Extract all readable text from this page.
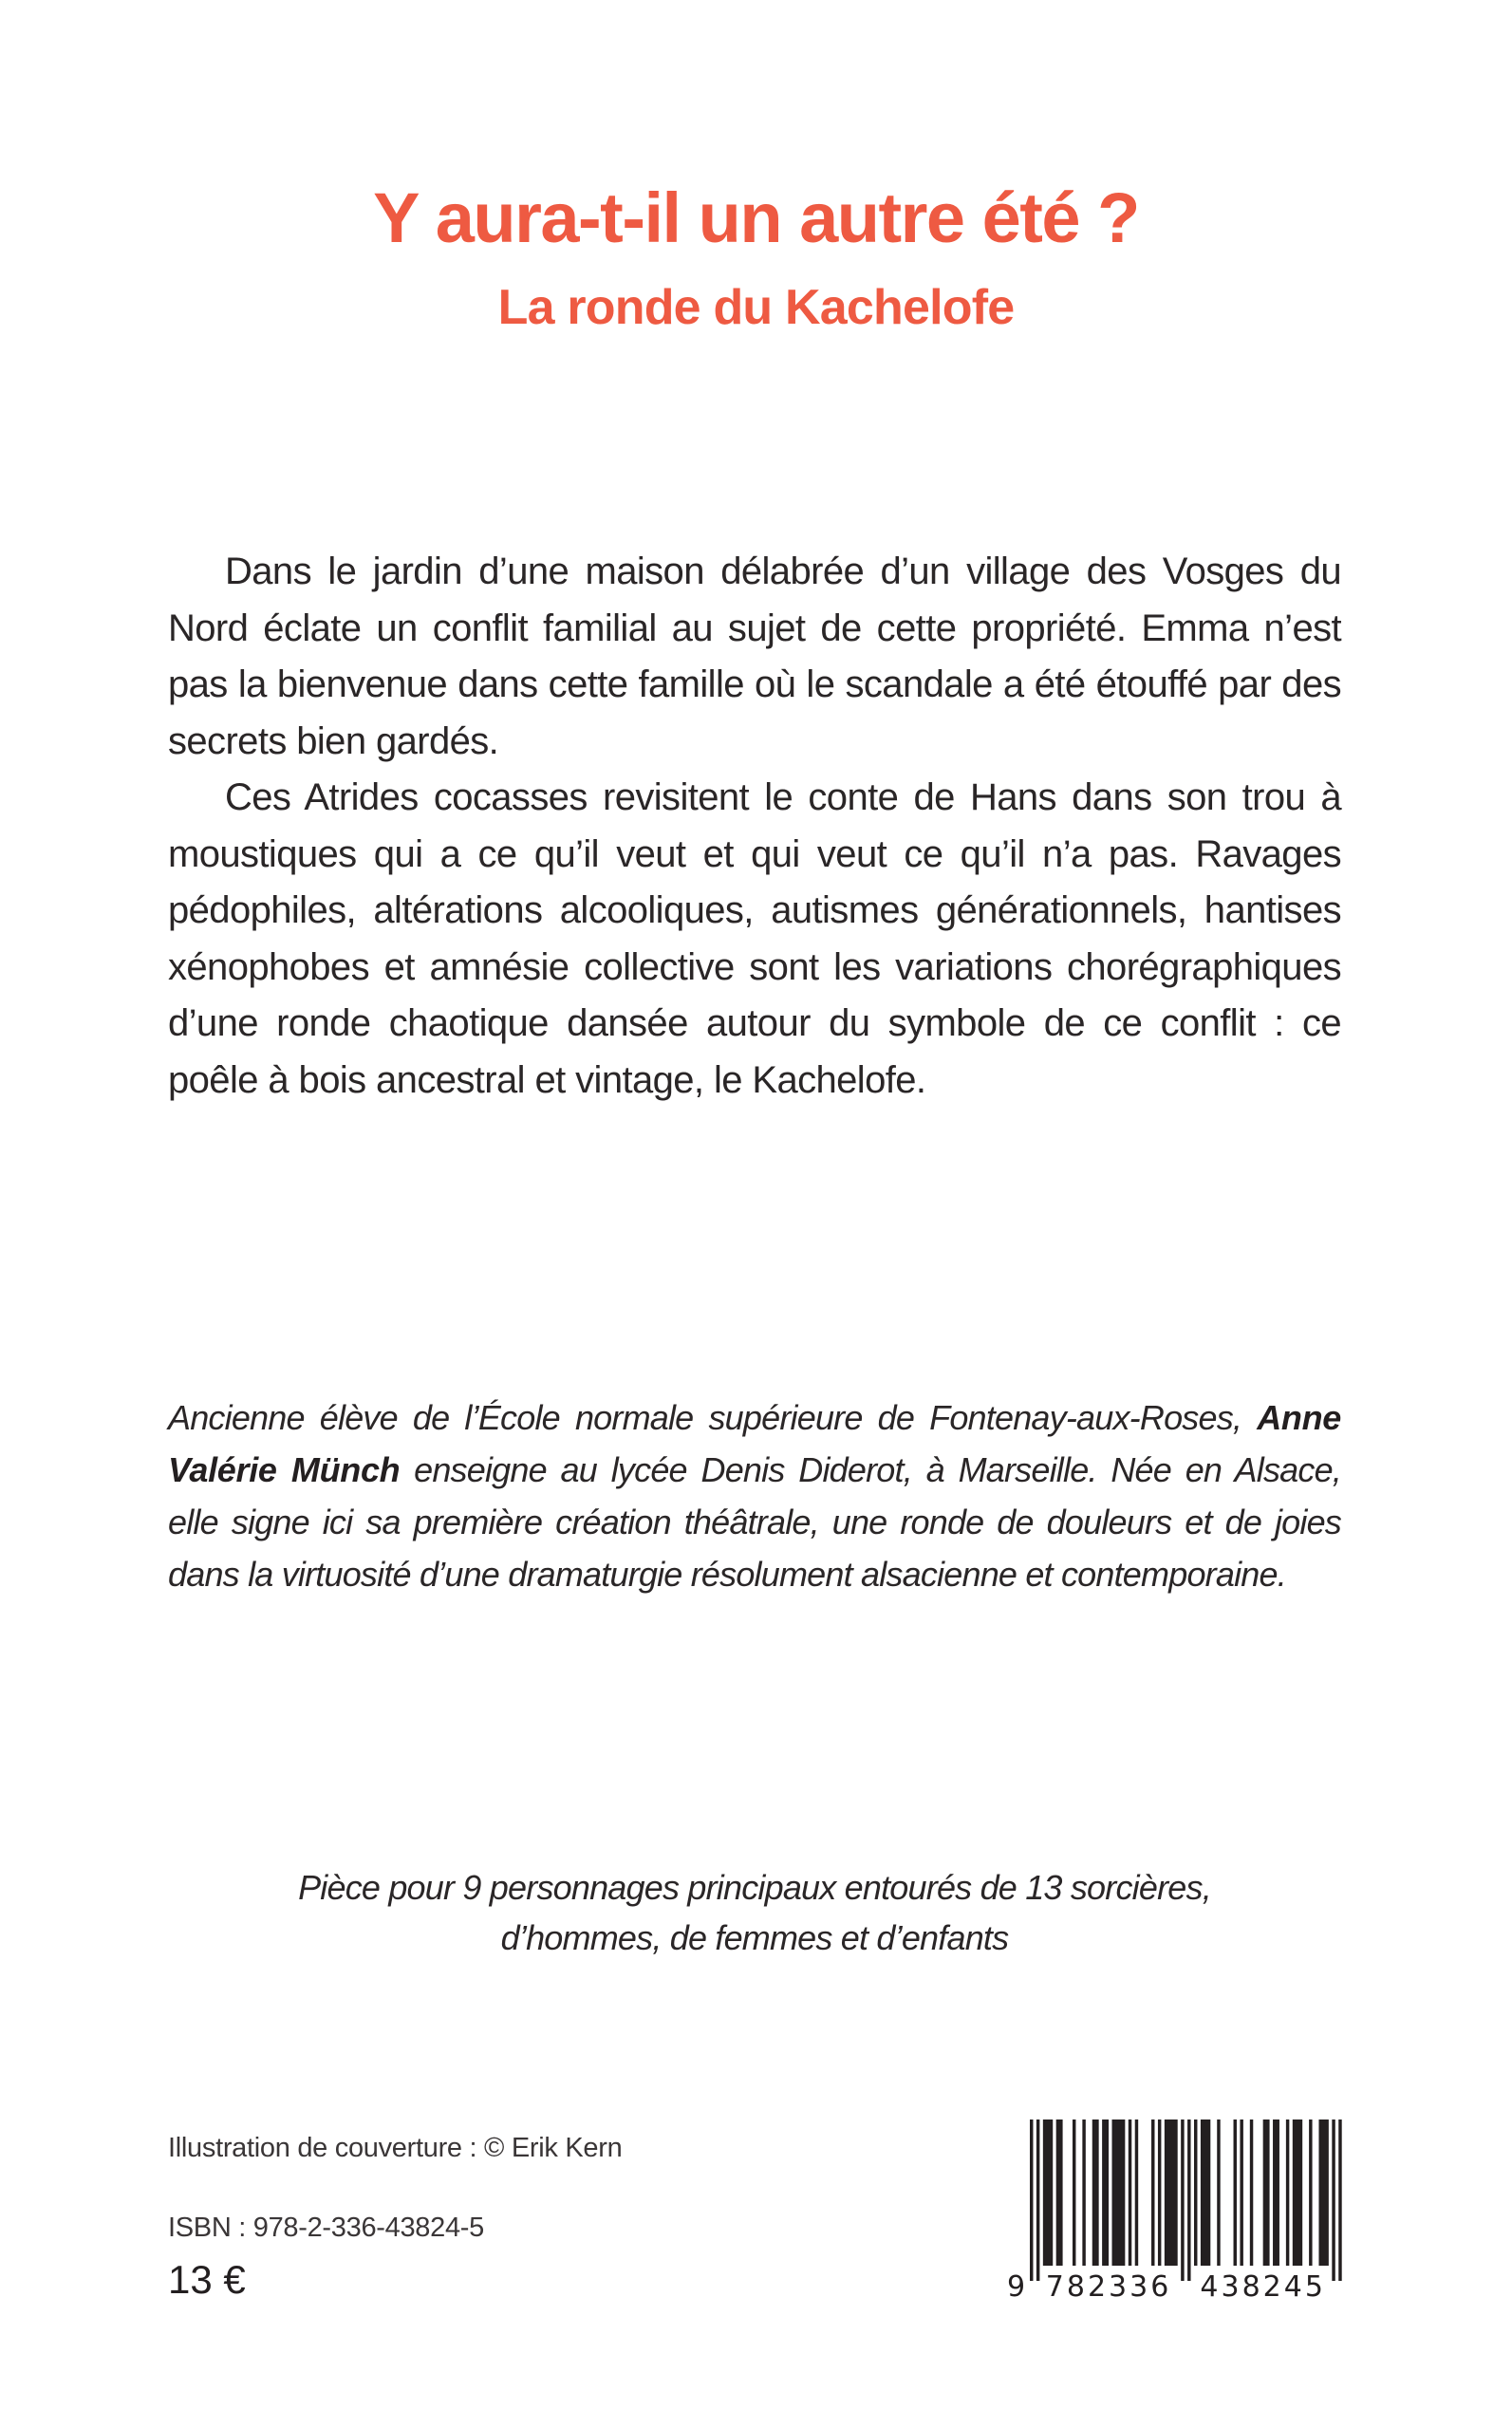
Y aura-t-il un autre été ?
La ronde du Kachelofe

Dans le jardin d’une maison délabrée d’un village des Vosges du Nord éclate un conflit familial au sujet de cette propriété. Emma n’est pas la bienvenue dans cette famille où le scandale a été étouffé par des secrets bien gardés.

Ces Atrides cocasses revisitent le conte de Hans dans son trou à moustiques qui a ce qu’il veut et qui veut ce qu’il n’a pas. Ravages pédophiles, altérations alcooliques, autismes générationnels, hantises xénophobes et amnésie collective sont les variations chorégraphiques d’une ronde chaotique dansée autour du symbole de ce conflit : ce poêle à bois ancestral et vintage, le Kachelofe.

Ancienne élève de l’École normale supérieure de Fontenay-aux-Roses, Anne Valérie Münch enseigne au lycée Denis Diderot, à Marseille. Née en Alsace, elle signe ici sa première création théâtrale, une ronde de douleurs et de joies dans la virtuosité d’une dramaturgie résolument alsacienne et contemporaine.

Pièce pour 9 personnages principaux entourés de 13 sorcières,
d’hommes, de femmes et d’enfants

Illustration de couverture : © Erik Kern

ISBN : 978-2-336-43824-5

13 €	9 782336 438245
